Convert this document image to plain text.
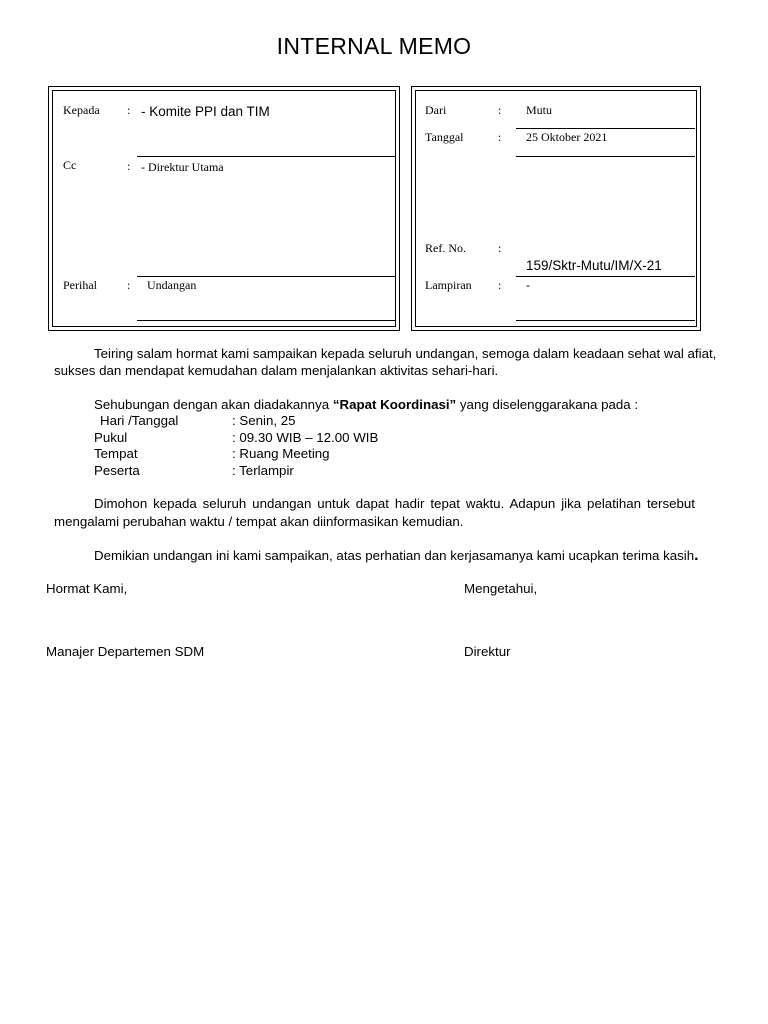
INTERNAL MEMO
Kepada : - Komite PPI dan TIM
Cc	: - Direktur Utama
Perihal	: Undangan
Dari	: Mutu
Tanggal	: 25 Oktober 2021
Ref. No.	:
159/Sktr-Mutu/IM/X-21
Lampiran : -
Teiring salam hormat kami sampaikan kepada seluruh undangan, semoga dalam keadaan sehat wal afiat,
sukses dan mendapat kemudahan dalam menjalankan aktivitas sehari-hari.
Sehubungan dengan akan diadakannya “Rapat Koordinasi” yang diselenggarakana pada :
Hari /Tanggal	: Senin, 25
Pukul	: 09.30 WIB – 12.00 WIB
Tempat	: Ruang Meeting
Peserta	: Terlampir
Dimohon kepada seluruh undangan untuk dapat hadir tepat waktu. Adapun jika pelatihan tersebut
mengalami perubahan waktu / tempat akan diinformasikan kemudian.
Demikian undangan ini kami sampaikan, atas perhatian dan kerjasamanya kami ucapkan terima kasih.
Hormat Kami,	Mengetahui,
Manajer Departemen SDM	Direktur
